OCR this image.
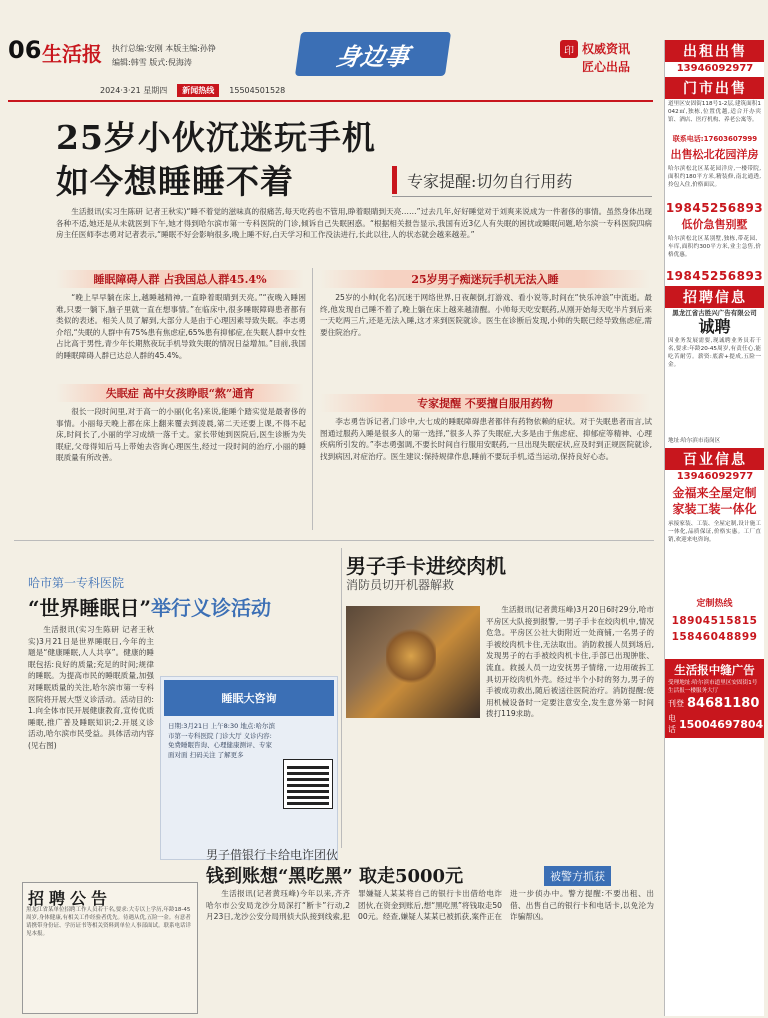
06 生活报 执行总编:安刚 本版主编:孙铮
编辑:韩雪 版式:倪海涛	身边事	印 权威资讯
匠心出品
2024·3·21 星期四	新闻热线	15504501528
25岁小伙沉迷玩手机
如今想睡睡不着	专家提醒:切勿自行用药

生活报讯(实习生陈研 记者王秋实)“睡不着觉的滋味真的很痛苦,每天吃药也不管用,睁着眼睛到天亮……”过去几年,好好睡觉对于刘爽来说成为一件奢侈的事情。虽然身体出现各种不适,她还是从未就医到下午,她才得到哈尔滨市第一专科医院的门诊,倾诉自己失眠困惑。“根据相关报告显示,我国有近3亿人有失眠的困扰或睡眠问题,哈尔滨一专科医院四病房主任医师李志勇对记者表示,“睡眠不好会影响很多,晚上睡不好,白天学习和工作没法进行,长此以往,人的状态就会越来越差。”

睡眠障碍人群 占我国总人群45.4%

“晚上早早躺在床上,越睡越精神,一直睁着眼睛到天亮。”“夜晚入睡困难,只要一躺下,脑子里就一直在想事情。”在临床中,很多睡眠障碍患者都有类似的表述。相关人员了解到,大部分人是由于心理因素导致失眠。李志勇介绍,“失眠的人群中有75%患有焦虑症,65%患有抑郁症,在失眠人群中女性占比高于男性,青少年长期熬夜玩手机导致失眠的情况日益增加。”目前,我国的睡眠障碍人群已达总人群的45.4%。

失眠症 高中女孩睁眼“熬”通宵

很长一段时间里,对于高一的小丽(化名)来说,能睡个踏实觉是最奢侈的事情。小丽每天晚上都在床上翻来覆去到凌晨,第二天还要上课,不得不起床,时间长了,小丽的学习成绩一落千丈。家长带她到医院后,医生诊断为失眠症,父母得知后马上带她去咨询心理医生,经过一段时间的治疗,小丽的睡眠质量有所改善。

25岁男子痴迷玩手机无法入睡

25岁的小帅(化名)沉迷于网络世界,日夜颠倒,打游戏、看小说等,时间在“快乐冲浪”中流逝。最终,他发现自己睡不着了,晚上躺在床上越来越清醒。小帅每天吃安眠药,从刚开始每天吃半片到后来一天吃两三片,还是无法入睡,这才来到医院就诊。医生在诊断后发现,小帅的失眠已经导致焦虑症,需要住院治疗。

专家提醒 不要擅自服用药物

李志勇告诉记者,门诊中,大七成的睡眠障碍患者都伴有药物依赖的症状。对于失眠患者而言,试图通过服药入睡是很多人的第一选择,“很多人养了失眠症,大多是由于焦虑症、抑郁症等精神、心理疾病所引发的。”李志勇强调,不要长时间自行服用安眠药,一旦出现失眠症状,应及时到正规医院就诊,找到病因,对症治疗。医生建议:保持规律作息,睡前不要玩手机,适当运动,保持良好心态。

哈市第一专科医院
“世界睡眠日”举行义诊活动

生活报讯(实习生陈研 记者王秋实)3月21日是世界睡眠日,今年的主题是“健康睡眠,人人共享”。健康的睡眠包括:良好的质量;充足的时间;规律的睡眠。为提高市民的睡眠质量,加强对睡眠质量的关注,哈尔滨市第一专科医院将开展大型义诊活动。活动目的:1.向全体市民开展健康教育,宣传优质睡眠,推广普及睡眠知识;2.开展义诊活动,哈尔滨市民受益。具体活动内容(见右图)

睡眠大咨询
日期:3月21日 上午8:30 地点:哈尔滨市第一专科医院 门诊大厅 义诊内容:免费睡眠咨询、心理健康测评、专家面对面 扫码关注 了解更多
男子手卡进绞肉机
消防员切开机器解救

生活报讯(记者黄珏峰)3月20日6时29分,哈市平房区大队接到报警,一男子手卡在绞肉机中,情况危急。平房区公社大街附近一处商铺,一名男子的手被绞肉机卡住,无法取出。消防救援人员到场后,发现男子的右手被绞肉机卡住,手部已出现肿胀、流血。救援人员一边安抚男子情绪,一边用破拆工具切开绞肉机外壳。经过半个小时的努力,男子的手被成功救出,随后被送往医院治疗。消防提醒:使用机械设备时一定要注意安全,发生意外第一时间拨打119求助。

男子借银行卡给电诈团伙
钱到账想“黑吃黑” 取走5000元	被警方抓获

生活报讯(记者黄珏峰)今年以来,齐齐哈尔市公安局龙沙分局深打“断卡”行动,2月23日,龙沙公安分局刑侦大队接到线索,犯罪嫌疑人某某将自己的银行卡出借给电诈团伙,在资金到账后,想“黑吃黑”将钱取走5000元。经查,嫌疑人某某已被抓获,案件正在进一步侦办中。警方提醒:不要出租、出借、出售自己的银行卡和电话卡,以免沦为诈骗帮凶。

招聘公告
黑龙江省某单位招聘工作人员若干名,要求:大专以上学历,年龄18-45周岁,身体健康,有相关工作经验者优先。待遇从优,五险一金。有意者请携带身份证、学历证书等相关资料到单位人事部面试。联系电话详见本报。
出租出售
13946092977
门市出售
道里区安固街118号1-2层,建筑面积1042㎡,独栋,位置优越,适合开办宾馆、酒店、医疗机构、养老公寓等。
联系电话:17603607999
出售松北花园洋房
哈尔滨松北区某花园洋房,一楼带院,面积约180平方米,精装修,南北通透,拎包入住,价格面议。
19845256893
低价急售别墅
哈尔滨松北区某别墅,独栋,带花园、车库,面积约300平方米,业主急售,价格优惠。
19845256893
招聘信息
黑龙江省古胜兴广告有限公司
诚聘
因业务发展需要,现诚聘业务员若干名,要求:年龄20-45周岁,有责任心,能吃苦耐劳。薪资:底薪+提成,五险一金。
地址:哈尔滨市南岗区
百业信息
13946092977
金福来全屋定制 家装工装一体化
承接家装、工装、全屋定制,设计施工一体化,品质保证,价格实惠。工厂直销,欢迎来电咨询。
定制热线
18904515815
15846048899
生活报中缝广告
受理地址:哈尔滨市道里区安固街1号生活报一楼服务大厅
刊登 84681180
电话 15004697804
